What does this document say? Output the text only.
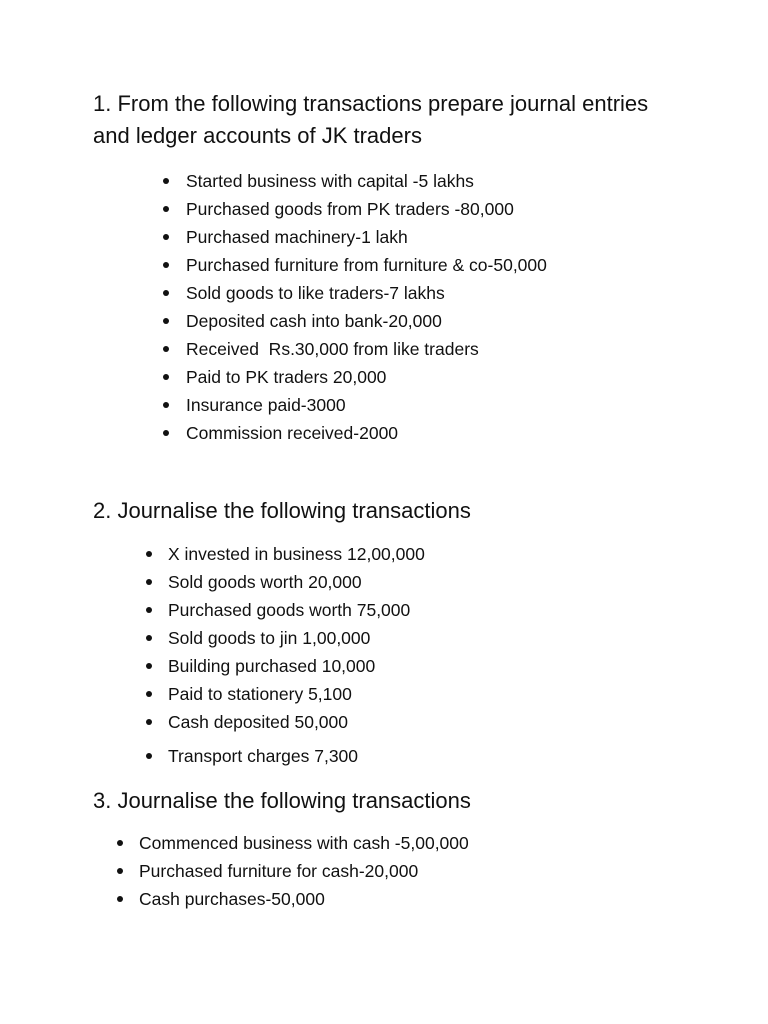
1. From the following transactions prepare journal entries and ledger accounts of JK traders
Started business with capital -5 lakhs
Purchased goods from PK traders -80,000
Purchased machinery-1 lakh
Purchased furniture from furniture & co-50,000
Sold goods to like traders-7 lakhs
Deposited cash into bank-20,000
Received  Rs.30,000 from like traders
Paid to PK traders 20,000
Insurance paid-3000
Commission received-2000
2. Journalise the following transactions
X invested in business 12,00,000
Sold goods worth 20,000
Purchased goods worth 75,000
Sold goods to jin 1,00,000
Building purchased 10,000
Paid to stationery 5,100
Cash deposited 50,000
Transport charges 7,300
3. Journalise the following transactions
Commenced business with cash -5,00,000
Purchased furniture for cash-20,000
Cash purchases-50,000
